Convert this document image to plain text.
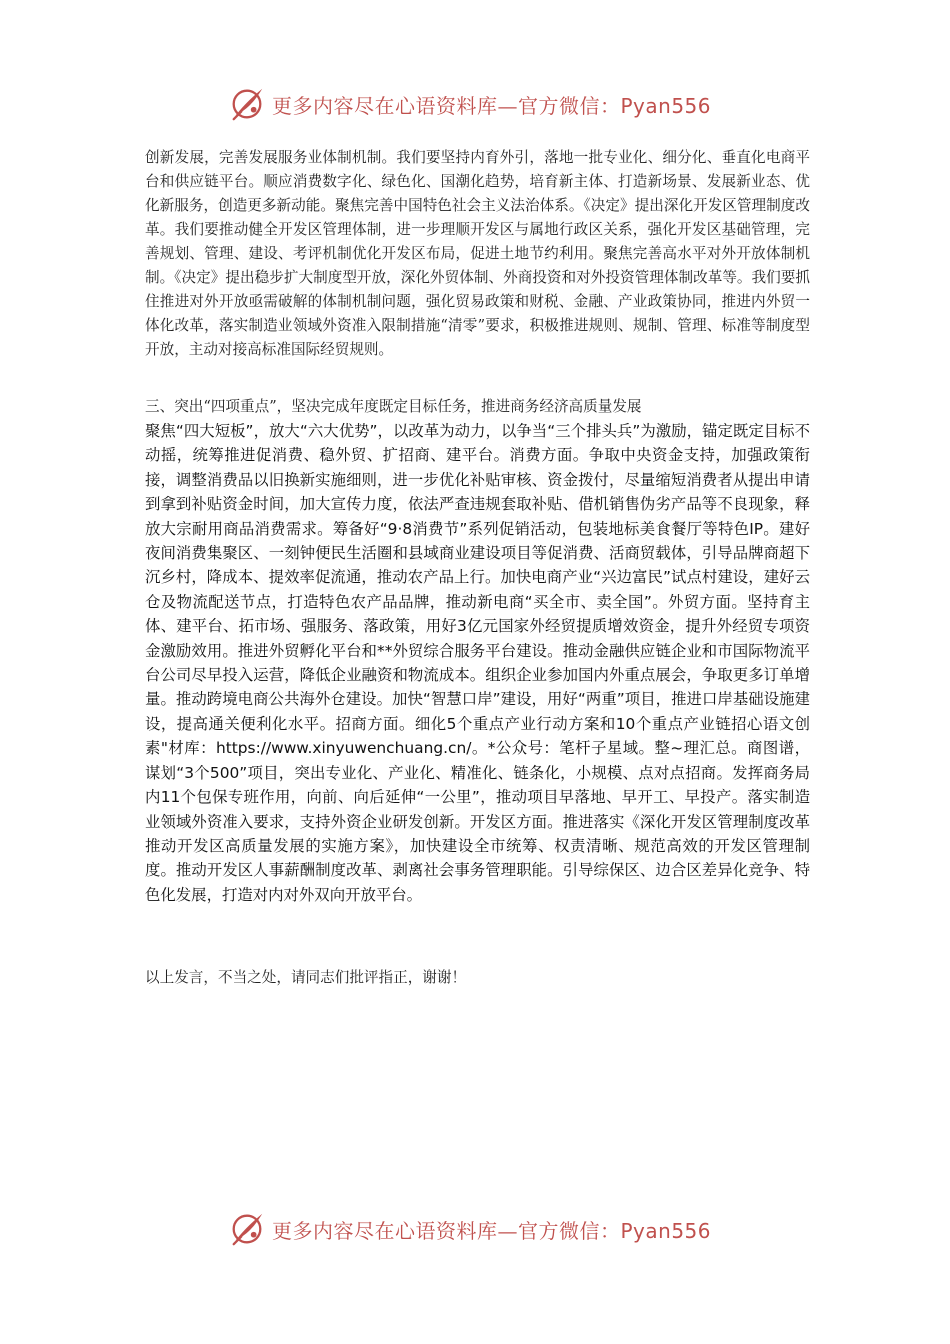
更多内容尽在心语资料库—官方微信：Pyan556

创新发展，完善发展服务业体制机制。我们要坚持内育外引，落地一批专业化、细分化、垂直化电商平台和供应链平台。顺应消费数字化、绿色化、国潮化趋势，培育新主体、打造新场景、发展新业态、优化新服务，创造更多新动能。聚焦完善中国特色社会主义法治体系。《决定》提出深化开发区管理制度改革。我们要推动健全开发区管理体制，进一步理顺开发区与属地行政区关系，强化开发区基础管理，完善规划、管理、建设、考评机制优化开发区布局，促进土地节约利用。聚焦完善高水平对外开放体制机制。《决定》提出稳步扩大制度型开放，深化外贸体制、外商投资和对外投资管理体制改革等。我们要抓住推进对外开放亟需破解的体制机制问题，强化贸易政策和财税、金融、产业政策协同，推进内外贸一体化改革，落实制造业领域外资准入限制措施“清零”要求，积极推进规则、规制、管理、标准等制度型开放，主动对接高标准国际经贸规则。

三、突出“四项重点”，坚决完成年度既定目标任务，推进商务经济高质量发展

聚焦“四大短板”，放大“六大优势”，以改革为动力，以争当“三个排头兵”为激励，锚定既定目标不动摇，统筹推进促消费、稳外贸、扩招商、建平台。消费方面。争取中央资金支持，加强政策衔接，调整消费品以旧换新实施细则，进一步优化补贴审核、资金拨付，尽量缩短消费者从提出申请到拿到补贴资金时间，加大宣传力度，依法严查违规套取补贴、借机销售伪劣产品等不良现象，释放大宗耐用商品消费需求。筹备好“9·8消费节”系列促销活动，包装地标美食餐厅等特色IP。建好夜间消费集聚区、一刻钟便民生活圈和县域商业建设项目等促消费、活商贸载体，引导品牌商超下沉乡村，降成本、提效率促流通，推动农产品上行。加快电商产业“兴边富民”试点村建设，建好云仓及物流配送节点，打造特色农产品品牌，推动新电商“买全市、卖全国”。外贸方面。坚持育主体、建平台、拓市场、强服务、落政策，用好3亿元国家外经贸提质增效资金，提升外经贸专项资金激励效用。推进外贸孵化平台和**外贸综合服务平台建设。推动金融供应链企业和市国际物流平台公司尽早投入运营，降低企业融资和物流成本。组织企业参加国内外重点展会，争取更多订单增量。推动跨境电商公共海外仓建设。加快“智慧口岸”建设，用好“两重”项目，推进口岸基础设施建设，提高通关便利化水平。招商方面。细化5个重点产业行动方案和10个重点产业链招心语文创素"材库：https://www.xinyuwenchuang.cn/。*公众号：笔杆子星域。整~理汇总。商图谱，谋划“3个500”项目，突出专业化、产业化、精准化、链条化，小规模、点对点招商。发挥商务局内11个包保专班作用，向前、向后延伸“一公里”，推动项目早落地、早开工、早投产。落实制造业领域外资准入要求，支持外资企业研发创新。开发区方面。推进落实《深化开发区管理制度改革推动开发区高质量发展的实施方案》，加快建设全市统筹、权责清晰、规范高效的开发区管理制度。推动开发区人事薪酬制度改革、剥离社会事务管理职能。引导综保区、边合区差异化竞争、特色化发展，打造对内对外双向开放平台。

以上发言，不当之处，请同志们批评指正，谢谢！
更多内容尽在心语资料库—官方微信：Pyan556
